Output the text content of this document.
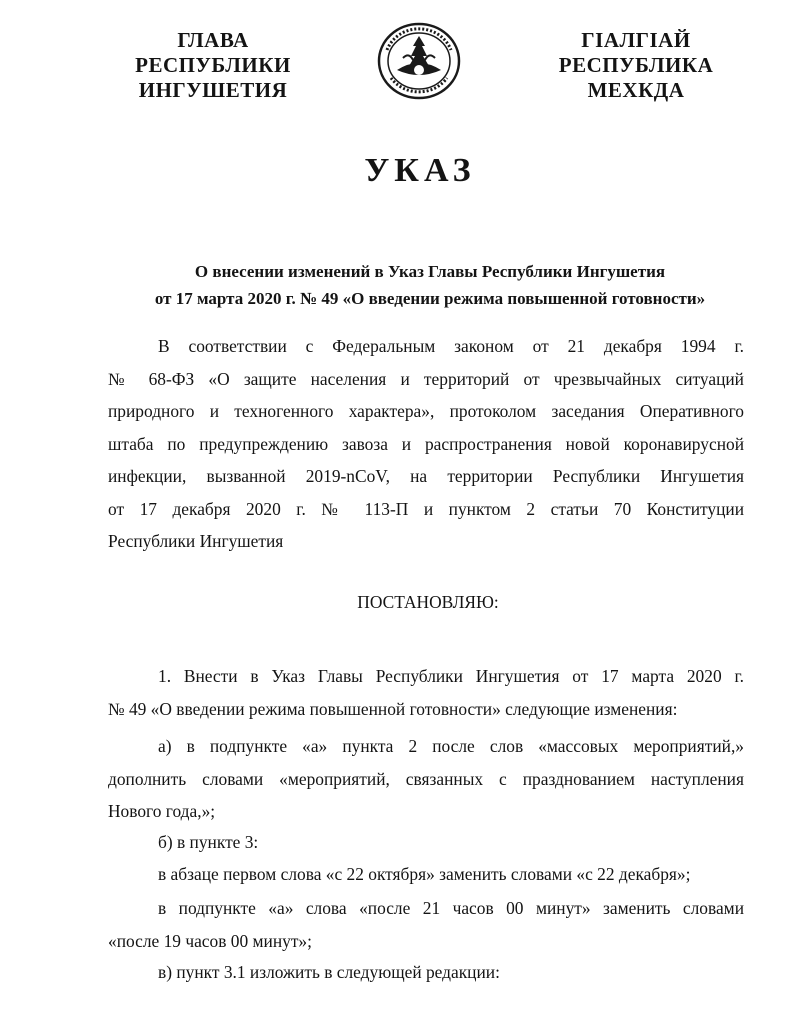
ГЛАВА
РЕСПУБЛИКИ
ИНГУШЕТИЯ
ГIАЛГIАЙ
РЕСПУБЛИКА
МЕХКДА
УКАЗ
О внесении изменений в Указ Главы Республики Ингушетия
от 17 марта 2020 г. № 49 «О введении режима повышенной готовности»

В соответствии с Федеральным законом от 21 декабря 1994 г.
№ 68-ФЗ «О защите населения и территорий от чрезвычайных ситуаций
природного и техногенного характера», протоколом заседания Оперативного
штаба по предупреждению завоза и распространения новой коронавирусной
инфекции, вызванной 2019-nCoV, на территории Республики Ингушетия
от 17 декабря 2020 г. № 113-П и пунктом 2 статьи 70 Конституции
Республики Ингушетия

ПОСТАНОВЛЯЮ:

1. Внести в Указ Главы Республики Ингушетия от 17 марта 2020 г.
№ 49 «О введении режима повышенной готовности» следующие изменения:

а) в подпункте «а» пункта 2 после слов «массовых мероприятий,»
дополнить словами «мероприятий, связанных с празднованием наступления
Нового года,»;

б) в пункте 3:

в абзаце первом слова «с 22 октября» заменить словами «с 22 декабря»;

в подпункте «а» слова «после 21 часов 00 минут» заменить словами
«после 19 часов 00 минут»;

в) пункт 3.1 изложить в следующей редакции:
